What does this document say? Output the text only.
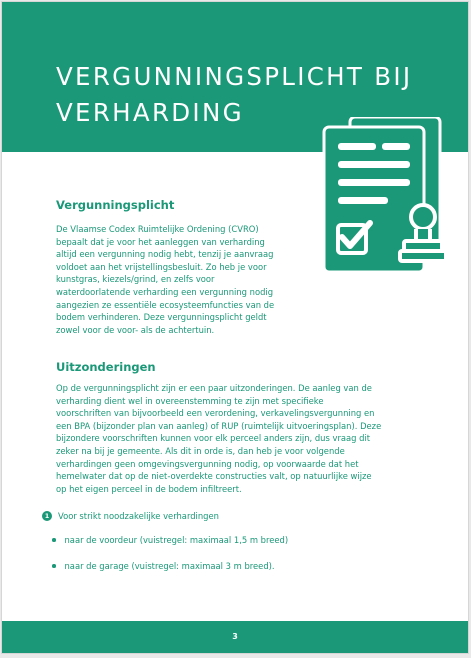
VERGUNNINGSPLICHT BIJ
VERHARDING
Vergunningsplicht
De Vlaamse Codex Ruimtelijke Ordening (CVRO)
bepaalt dat je voor het aanleggen van verharding
altijd een vergunning nodig hebt, tenzij je aanvraag
voldoet aan het vrijstellingsbesluit. Zo heb je voor
kunstgras, kiezels/grind, en zelfs voor
waterdoorlatende verharding een vergunning nodig
aangezien ze essentiële ecosysteemfuncties van de
bodem verhinderen. Deze vergunningsplicht geldt
zowel voor de voor- als de achtertuin.
Uitzonderingen
Op de vergunningsplicht zijn er een paar uitzonderingen. De aanleg van de
verharding dient wel in overeenstemming te zijn met specifieke
voorschriften van bijvoorbeeld een verordening, verkavelingsvergunning en
een BPA (bijzonder plan van aanleg) of RUP (ruimtelijk uitvoeringsplan). Deze
bijzondere voorschriften kunnen voor elk perceel anders zijn, dus vraag dit
zeker na bij je gemeente. Als dit in orde is, dan heb je voor volgende
verhardingen geen omgevingsvergunning nodig, op voorwaarde dat het
hemelwater dat op de niet-overdekte constructies valt, op natuurlijke wijze
op het eigen perceel in de bodem infiltreert.
1	Voor strikt noodzakelijke verhardingen
naar de voordeur (vuistregel: maximaal 1,5 m breed)
naar de garage (vuistregel: maximaal 3 m breed).
3
